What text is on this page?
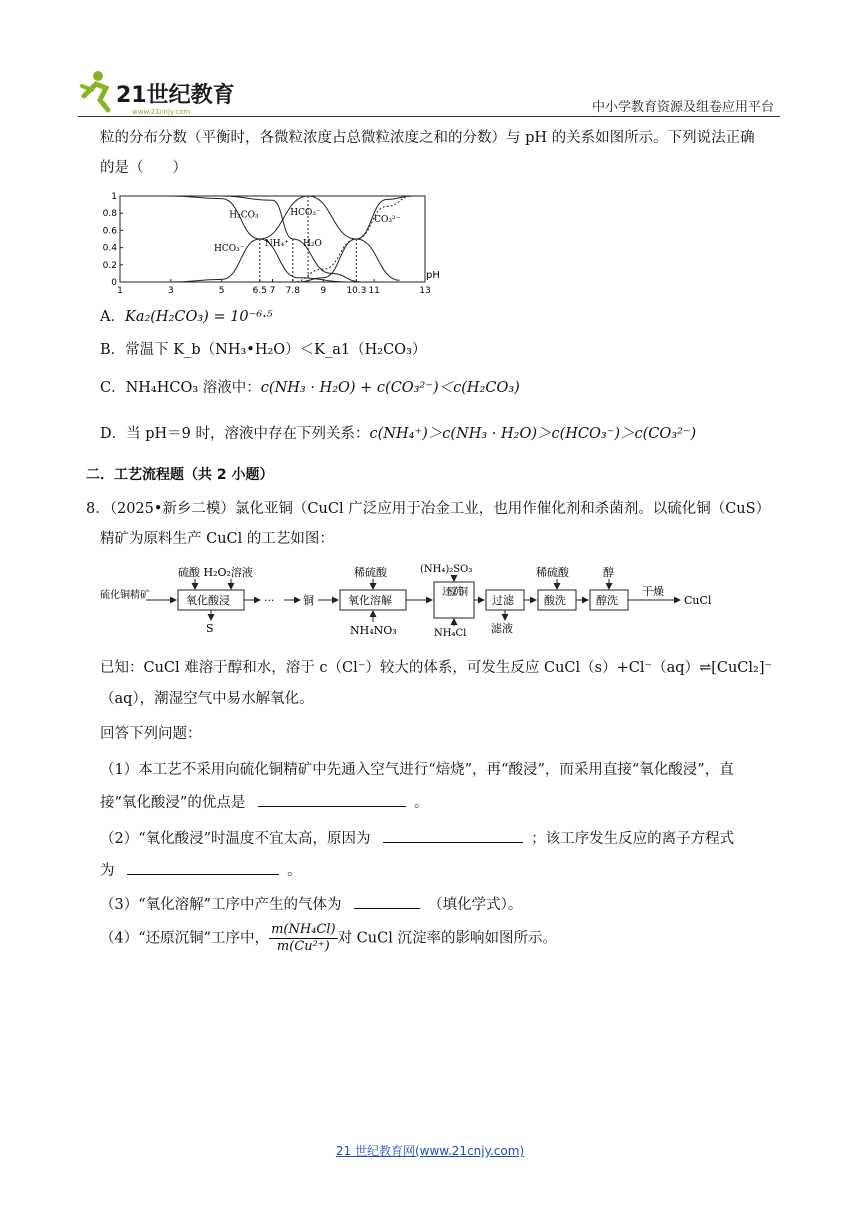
21世纪教育
www.21cnjy.com	中小学教育资源及组卷应用平台
粒的分布分数（平衡时，各微粒浓度占总微粒浓度之和的分数）与 pH 的关系如图所示。下列说法正确
的是（　　）
0
0.2
0.4
0.6
0.8
1
1	3	5	6.5 7 7.8 9 10.3 11	13
pH
H₂CO₃
HCO₃⁻
HCO₃⁻
NH₄⁺ H₂O
CO₃²⁻
A．Ka₂(H₂CO₃) = 10⁻⁶·⁵
B．常温下 K_b（NH₃•H₂O）＜K_a1（H₂CO₃）
C．NH₄HCO₃ 溶液中：c(NH₃ · H₂O) + c(CO₃²⁻)＜c(H₂CO₃)
D．当 pH＝9 时，溶液中存在下列关系：c(NH₄⁺)＞c(NH₃ · H₂O)＞c(HCO₃⁻)＞c(CO₃²⁻)
二．工艺流程题（共 2 小题）
8．（2025•新乡二模）氯化亚铜（CuCl 广泛应用于冶金工业，也用作催化剂和杀菌剂。以硫化铜（CuS）
精矿为原料生产 CuCl 的工艺如图：
硫化铜精矿	氧化酸浸
硫酸 H₂O₂溶液
S
···	铜	氧化溶解
稀硫酸
NH₄NO₃
还原沉铜
(NH₄)₂SO₃
NH₄Cl
过滤
滤液
酸洗
稀硫酸
醇洗
醇
干燥
CuCl
已知：CuCl 难溶于醇和水，溶于 c（Cl⁻）较大的体系，可发生反应 CuCl（s）+Cl⁻（aq）⇌[CuCl₂]⁻
（aq），潮湿空气中易水解氧化。
回答下列问题：
（1）本工艺不采用向硫化铜精矿中先通入空气进行“焙烧”，再“酸浸”，而采用直接“氧化酸浸”，直
接“氧化酸浸”的优点是	。
（2）“氧化酸浸”时温度不宜太高，原因为	；该工序发生反应的离子方程式
为	。
（3）“氧化溶解”工序中产生的气体为	（填化学式）。
（4）“还原沉铜”工序中， $\frac{\text{m(NH₄Cl)}}{\text{m(Cu²⁺)}}$ 对 CuCl 沉淀率的影响如图所示。
21 世纪教育网(www.21cnjy.com)
